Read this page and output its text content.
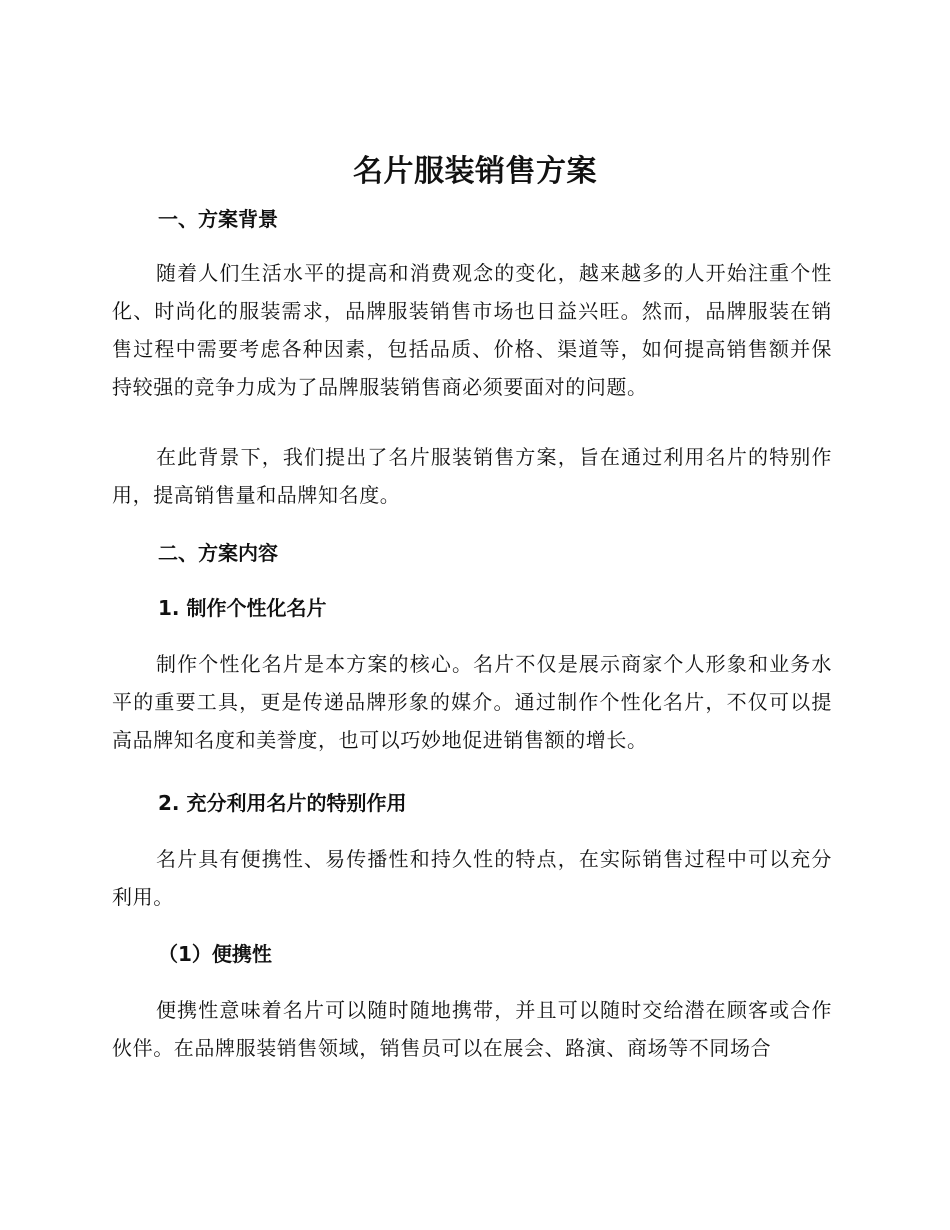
名片服装销售方案
一、方案背景

随着人们生活水平的提高和消费观念的变化，越来越多的人开始注重个性化、时尚化的服装需求，品牌服装销售市场也日益兴旺。然而，品牌服装在销售过程中需要考虑各种因素，包括品质、价格、渠道等，如何提高销售额并保持较强的竞争力成为了品牌服装销售商必须要面对的问题。

在此背景下，我们提出了名片服装销售方案，旨在通过利用名片的特别作用，提高销售量和品牌知名度。

二、方案内容
1. 制作个性化名片

制作个性化名片是本方案的核心。名片不仅是展示商家个人形象和业务水平的重要工具，更是传递品牌形象的媒介。通过制作个性化名片，不仅可以提高品牌知名度和美誉度，也可以巧妙地促进销售额的增长。

2. 充分利用名片的特别作用

名片具有便携性、易传播性和持久性的特点，在实际销售过程中可以充分利用。

（1）便携性

便携性意味着名片可以随时随地携带，并且可以随时交给潜在顾客或合作伙伴。在品牌服装销售领域，销售员可以在展会、路演、商场等不同场合
